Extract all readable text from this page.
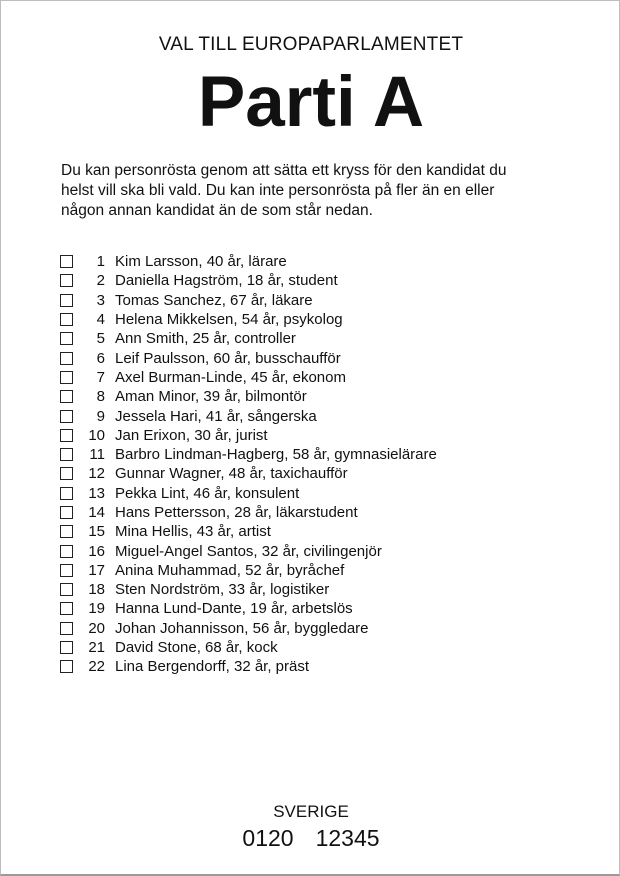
VAL TILL EUROPAPARLAMENTET
Parti A
Du kan personrösta genom att sätta ett kryss för den kandidat du
helst vill ska bli vald. Du kan inte personrösta på fler än en eller
någon annan kandidat än de som står nedan.
1 Kim Larsson, 40 år, lärare
2 Daniella Hagström, 18 år, student
3 Tomas Sanchez, 67 år, läkare
4 Helena Mikkelsen, 54 år, psykolog
5 Ann Smith, 25 år, controller
6 Leif Paulsson, 60 år, busschaufför
7 Axel Burman-Linde, 45 år, ekonom
8 Aman Minor, 39 år, bilmontör
9 Jessela Hari, 41 år, sångerska
10 Jan Erixon, 30 år, jurist
11 Barbro Lindman-Hagberg, 58 år, gymnasielärare
12 Gunnar Wagner, 48 år, taxichaufför
13 Pekka Lint, 46 år, konsulent
14 Hans Pettersson, 28 år, läkarstudent
15 Mina Hellis, 43 år, artist
16 Miguel-Angel Santos, 32 år, civilingenjör
17 Anina Muhammad, 52 år, byråchef
18 Sten Nordström, 33 år, logistiker
19 Hanna Lund-Dante, 19 år, arbetslös
20 Johan Johannisson, 56 år, byggledare
21 David Stone, 68 år, kock
22 Lina Bergendorff, 32 år, präst
SVERIGE
0120 12345
